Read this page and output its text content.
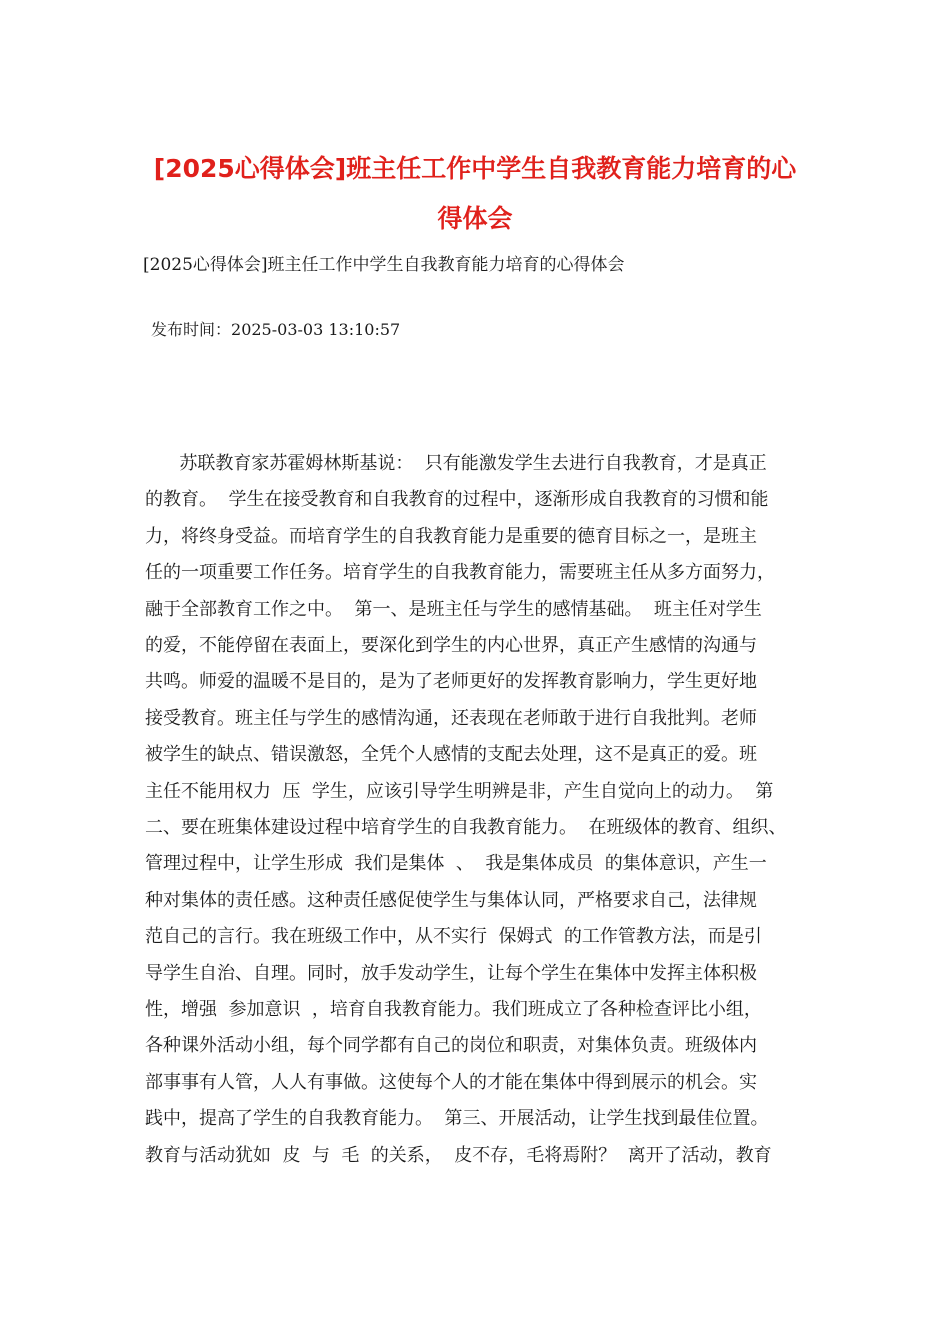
[2025心得体会]班主任工作中学生自我教育能力培育的心
得体会

[2025心得体会]班主任工作中学生自我教育能力培育的心得体会

发布时间：2025-03-03 13:10:57

苏联教育家苏霍姆林斯基说：  只有能激发学生去进行自我教育，才是真正

的教育。  学生在接受教育和自我教育的过程中，逐渐形成自我教育的习惯和能

力，将终身受益。而培育学生的自我教育能力是重要的德育目标之一，是班主

任的一项重要工作任务。培育学生的自我教育能力，需要班主任从多方面努力，

融于全部教育工作之中。  第一、是班主任与学生的感情基础。  班主任对学生

的爱，不能停留在表面上，要深化到学生的内心世界，真正产生感情的沟通与

共鸣。师爱的温暖不是目的，是为了老师更好的发挥教育影响力，学生更好地

接受教育。班主任与学生的感情沟通，还表现在老师敢于进行自我批判。老师

被学生的缺点、错误激怒，全凭个人感情的支配去处理，这不是真正的爱。班

主任不能用权力  压  学生，应该引导学生明辨是非，产生自觉向上的动力。  第

二、要在班集体建设过程中培育学生的自我教育能力。  在班级体的教育、组织、

管理过程中，让学生形成  我们是集体  、  我是集体成员  的集体意识，产生一

种对集体的责任感。这种责任感促使学生与集体认同，严格要求自己，法律规

范自己的言行。我在班级工作中，从不实行  保姆式  的工作管教方法，而是引

导学生自治、自理。同时，放手发动学生，让每个学生在集体中发挥主体积极

性，增强  参加意识  ，培育自我教育能力。我们班成立了各种检查评比小组，

各种课外活动小组，每个同学都有自己的岗位和职责，对集体负责。班级体内

部事事有人管，人人有事做。这使每个人的才能在集体中得到展示的机会。实

践中，提高了学生的自我教育能力。  第三、开展活动，让学生找到最佳位置。

教育与活动犹如  皮  与  毛  的关系，  皮不存，毛将焉附？  离开了活动，教育
